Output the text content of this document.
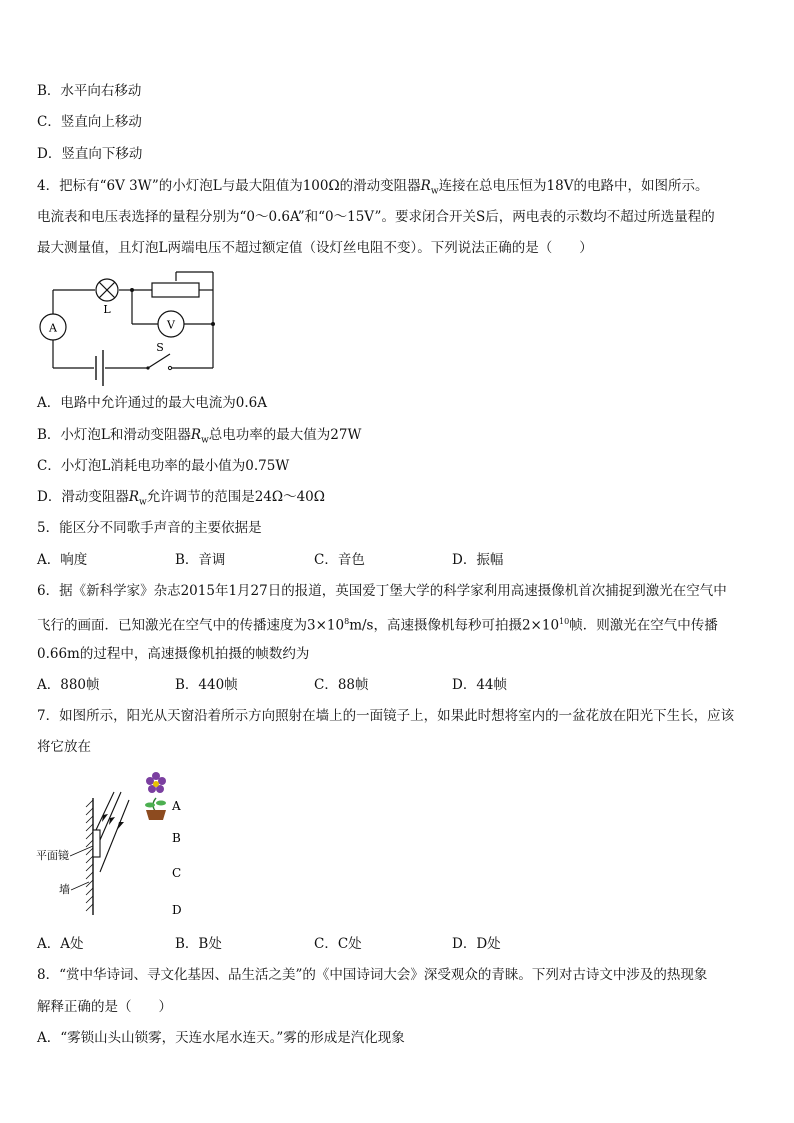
B．水平向右移动
C．竖直向上移动
D．竖直向下移动
4．把标有“6V 3W”的小灯泡L与最大阻值为100Ω的滑动变阻器$R_w$连接在总电压恒为18V的电路中，如图所示。
电流表和电压表选择的量程分别为“0～0.6A”和“0～15V”。要求闭合开关S后，两电表的示数均不超过所选量程的
最大测量值，且灯泡L两端电压不超过额定值（设灯丝电阻不变）。下列说法正确的是（　　）
A
L
V
S
A．电路中允许通过的最大电流为0.6A
B．小灯泡L和滑动变阻器$R_w$总电功率的最大值为27W
C．小灯泡L消耗电功率的最小值为0.75W
D．滑动变阻器$R_w$允许调节的范围是24Ω～40Ω
5．能区分不同歌手声音的主要依据是
A．响度	B．音调	C．音色	D．振幅
6．据《新科学家》杂志2015年1月27日的报道，英国爱丁堡大学的科学家利用高速摄像机首次捕捉到激光在空气中
飞行的画面．已知激光在空气中的传播速度为$3\times 10^8m/s$，高速摄像机每秒可拍摄$2\times 10^{10}$帧．则激光在空气中传播
0.66m的过程中，高速摄像机拍摄的帧数约为
A．880帧	B．440帧	C．88帧	D．44帧
7．如图所示，阳光从天窗沿着所示方向照射在墙上的一面镜子上，如果此时想将室内的一盆花放在阳光下生长，应该
将它放在
平面镜
墙
A
B
C
D
A．A处	B．B处	C．C处	D．D处
8．“赏中华诗词、寻文化基因、品生活之美”的《中国诗词大会》深受观众的青睐。下列对古诗文中涉及的热现象
解释正确的是（　　）
A．“雾锁山头山锁雾，天连水尾水连天。”雾的形成是汽化现象
